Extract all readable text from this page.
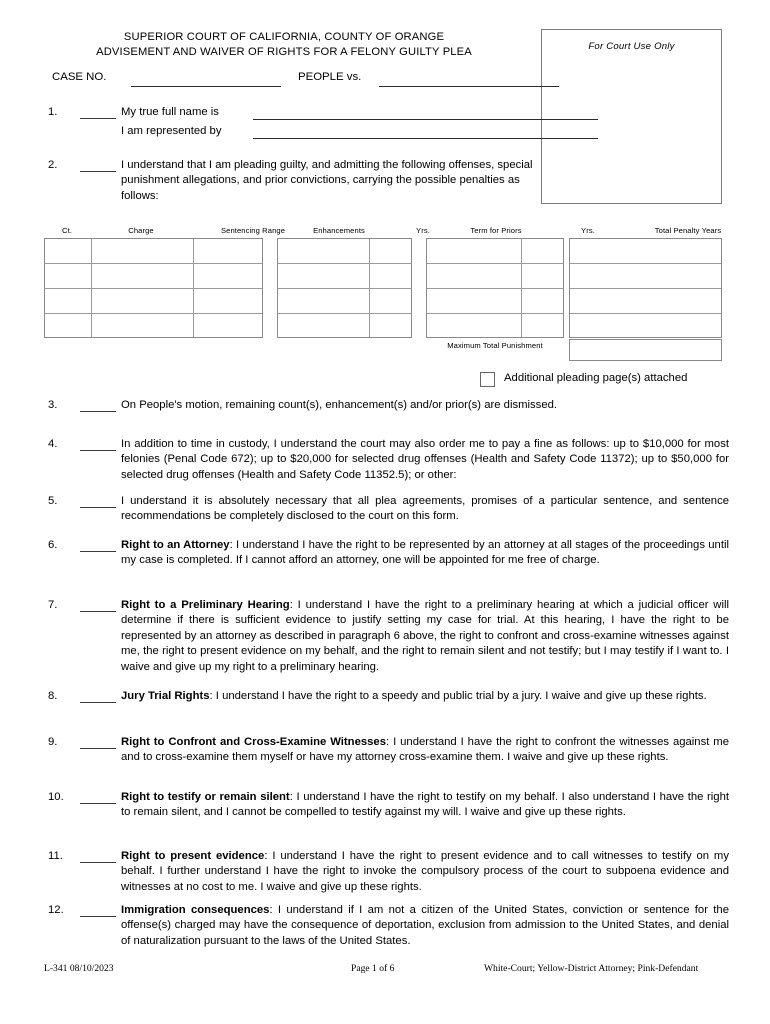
SUPERIOR COURT OF CALIFORNIA, COUNTY OF ORANGE
ADVISEMENT AND WAIVER OF RIGHTS FOR A FELONY GUILTY PLEA	For Court Use Only
CASE NO.	PEOPLE vs.
1.	My true full name is
I am represented by
2.	I understand that I am pleading guilty, and admitting the following offenses, special punishment allegations, and prior convictions, carrying the possible penalties as follows:
Ct.	Charge	Sentencing Range	Enhancements	Yrs.	Term for Priors	Yrs.	Total Penalty Years
Maximum Total Punishment
Additional pleading page(s) attached
3.	On People's motion, remaining count(s), enhancement(s) and/or prior(s) are dismissed.
4.	In addition to time in custody, I understand the court may also order me to pay a fine as follows: up to $10,000 for most felonies (Penal Code 672); up to $20,000 for selected drug offenses (Health and Safety Code 11372); up to $50,000 for selected drug offenses (Health and Safety Code 11352.5); or other:
5.	I understand it is absolutely necessary that all plea agreements, promises of a particular sentence, and sentence recommendations be completely disclosed to the court on this form.
6.	Right to an Attorney: I understand I have the right to be represented by an attorney at all stages of the proceedings until my case is completed. If I cannot afford an attorney, one will be appointed for me free of charge.
7.	Right to a Preliminary Hearing: I understand I have the right to a preliminary hearing at which a judicial officer will determine if there is sufficient evidence to justify setting my case for trial. At this hearing, I have the right to be represented by an attorney as described in paragraph 6 above, the right to confront and cross-examine witnesses against me, the right to present evidence on my behalf, and the right to remain silent and not testify; but I may testify if I want to. I waive and give up my right to a preliminary hearing.
8.	Jury Trial Rights: I understand I have the right to a speedy and public trial by a jury. I waive and give up these rights.
9.	Right to Confront and Cross-Examine Witnesses: I understand I have the right to confront the witnesses against me and to cross-examine them myself or have my attorney cross-examine them. I waive and give up these rights.
10.	Right to testify or remain silent: I understand I have the right to testify on my behalf. I also understand I have the right to remain silent, and I cannot be compelled to testify against my will. I waive and give up these rights.
11.	Right to present evidence: I understand I have the right to present evidence and to call witnesses to testify on my behalf. I further understand I have the right to invoke the compulsory process of the court to subpoena evidence and witnesses at no cost to me. I waive and give up these rights.
12.	Immigration consequences: I understand if I am not a citizen of the United States, conviction or sentence for the offense(s) charged may have the consequence of deportation, exclusion from admission to the United States, and denial of naturalization pursuant to the laws of the United States.
L-341 08/10/2023	Page 1 of 6	White-Court; Yellow-District Attorney; Pink-Defendant
